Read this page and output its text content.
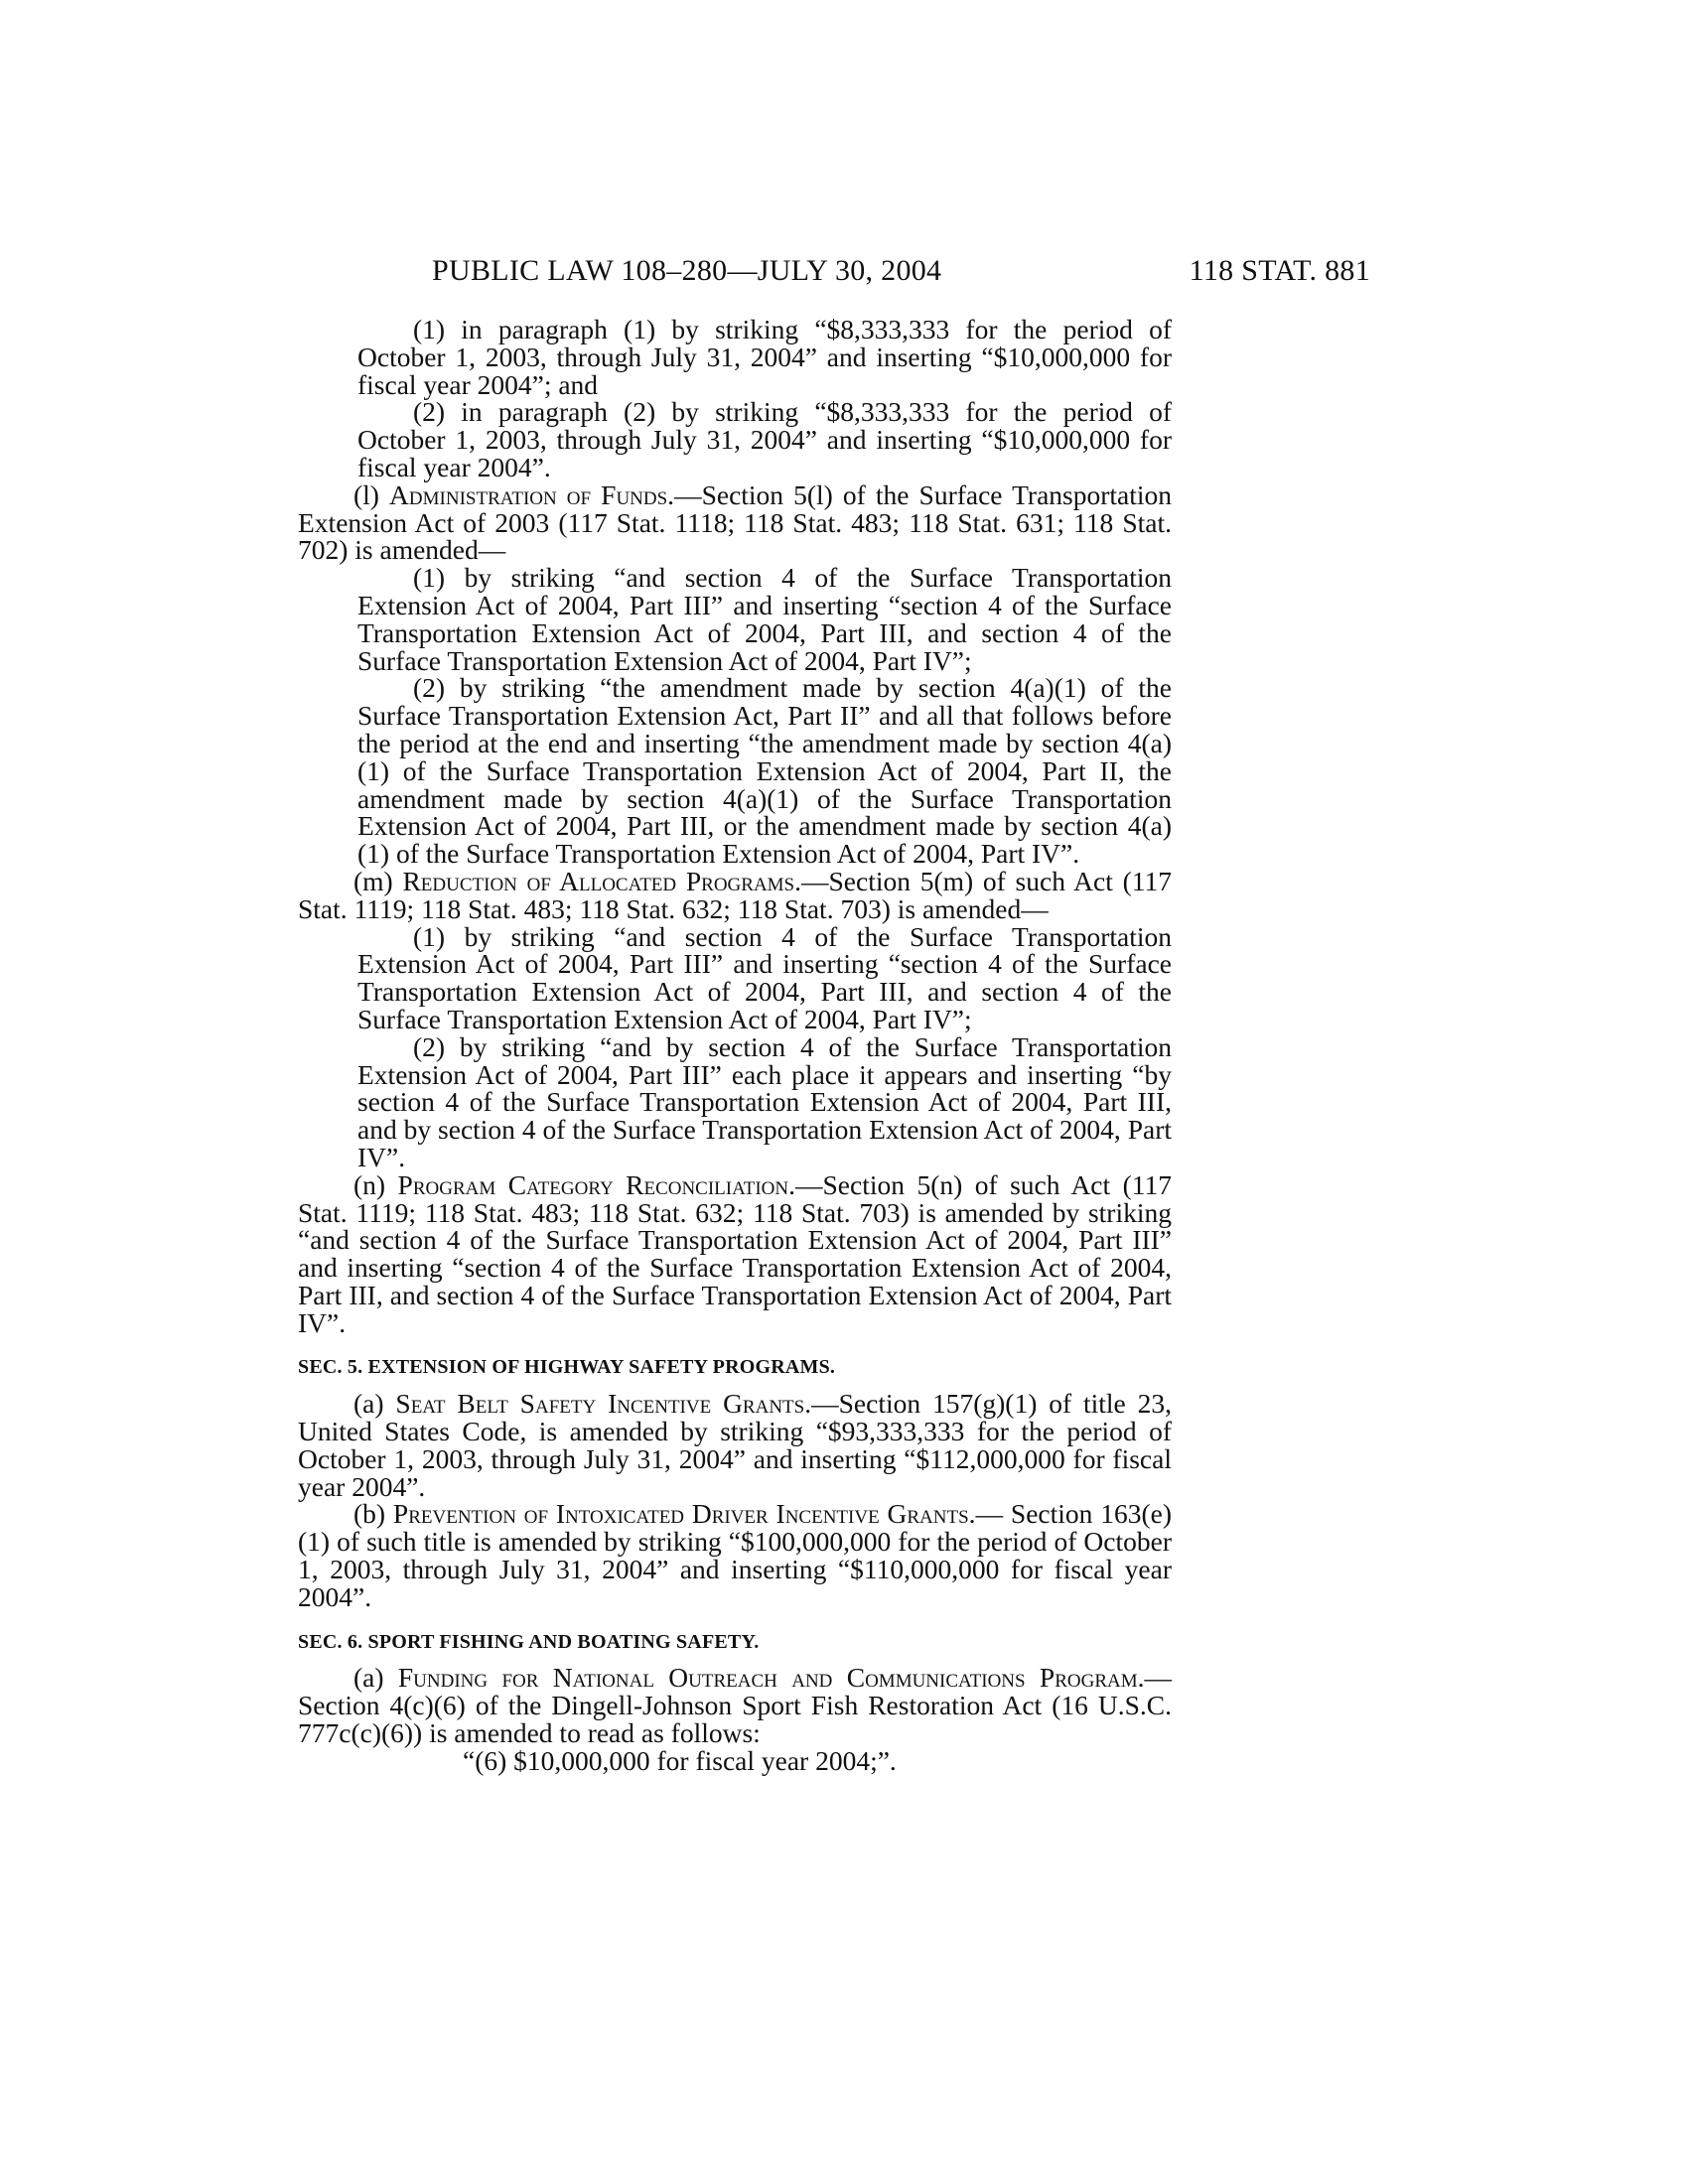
PUBLIC LAW 108–280—JULY 30, 2004	118 STAT. 881

(1) in paragraph (1) by striking “$8,333,333 for the period of October 1, 2003, through July 31, 2004” and inserting “$10,000,000 for fiscal year 2004”; and

(2) in paragraph (2) by striking “$8,333,333 for the period of October 1, 2003, through July 31, 2004” and inserting “$10,000,000 for fiscal year 2004”.

(l) Administration of Funds.—Section 5(l) of the Surface Transportation Extension Act of 2003 (117 Stat. 1118; 118 Stat. 483; 118 Stat. 631; 118 Stat. 702) is amended—

(1) by striking “and section 4 of the Surface Transportation Extension Act of 2004, Part III” and inserting “section 4 of the Surface Transportation Extension Act of 2004, Part III, and section 4 of the Surface Transportation Extension Act of 2004, Part IV”;

(2) by striking “the amendment made by section 4(a)(1) of the Surface Transportation Extension Act, Part II” and all that follows before the period at the end and inserting “the amendment made by section 4(a)(1) of the Surface Transportation Extension Act of 2004, Part II, the amendment made by section 4(a)(1) of the Surface Transportation Extension Act of 2004, Part III, or the amendment made by section 4(a)(1) of the Surface Transportation Extension Act of 2004, Part IV”.

(m) Reduction of Allocated Programs.—Section 5(m) of such Act (117 Stat. 1119; 118 Stat. 483; 118 Stat. 632; 118 Stat. 703) is amended—

(1) by striking “and section 4 of the Surface Transportation Extension Act of 2004, Part III” and inserting “section 4 of the Surface Transportation Extension Act of 2004, Part III, and section 4 of the Surface Transportation Extension Act of 2004, Part IV”;

(2) by striking “and by section 4 of the Surface Transportation Extension Act of 2004, Part III” each place it appears and inserting “by section 4 of the Surface Transportation Extension Act of 2004, Part III, and by section 4 of the Surface Transportation Extension Act of 2004, Part IV”.

(n) Program Category Reconciliation.—Section 5(n) of such Act (117 Stat. 1119; 118 Stat. 483; 118 Stat. 632; 118 Stat. 703) is amended by striking “and section 4 of the Surface Transportation Extension Act of 2004, Part III” and inserting “section 4 of the Surface Transportation Extension Act of 2004, Part III, and section 4 of the Surface Transportation Extension Act of 2004, Part IV”.

SEC. 5. EXTENSION OF HIGHWAY SAFETY PROGRAMS.

(a) Seat Belt Safety Incentive Grants.—Section 157(g)(1) of title 23, United States Code, is amended by striking “$93,333,333 for the period of October 1, 2003, through July 31, 2004” and inserting “$112,000,000 for fiscal year 2004”.

(b) Prevention of Intoxicated Driver Incentive Grants.— Section 163(e)(1) of such title is amended by striking “$100,000,000 for the period of October 1, 2003, through July 31, 2004” and inserting “$110,000,000 for fiscal year 2004”.

SEC. 6. SPORT FISHING AND BOATING SAFETY.

(a) Funding for National Outreach and Communications Program.—Section 4(c)(6) of the Dingell-Johnson Sport Fish Restoration Act (16 U.S.C. 777c(c)(6)) is amended to read as follows:

“(6) $10,000,000 for fiscal year 2004;”.
